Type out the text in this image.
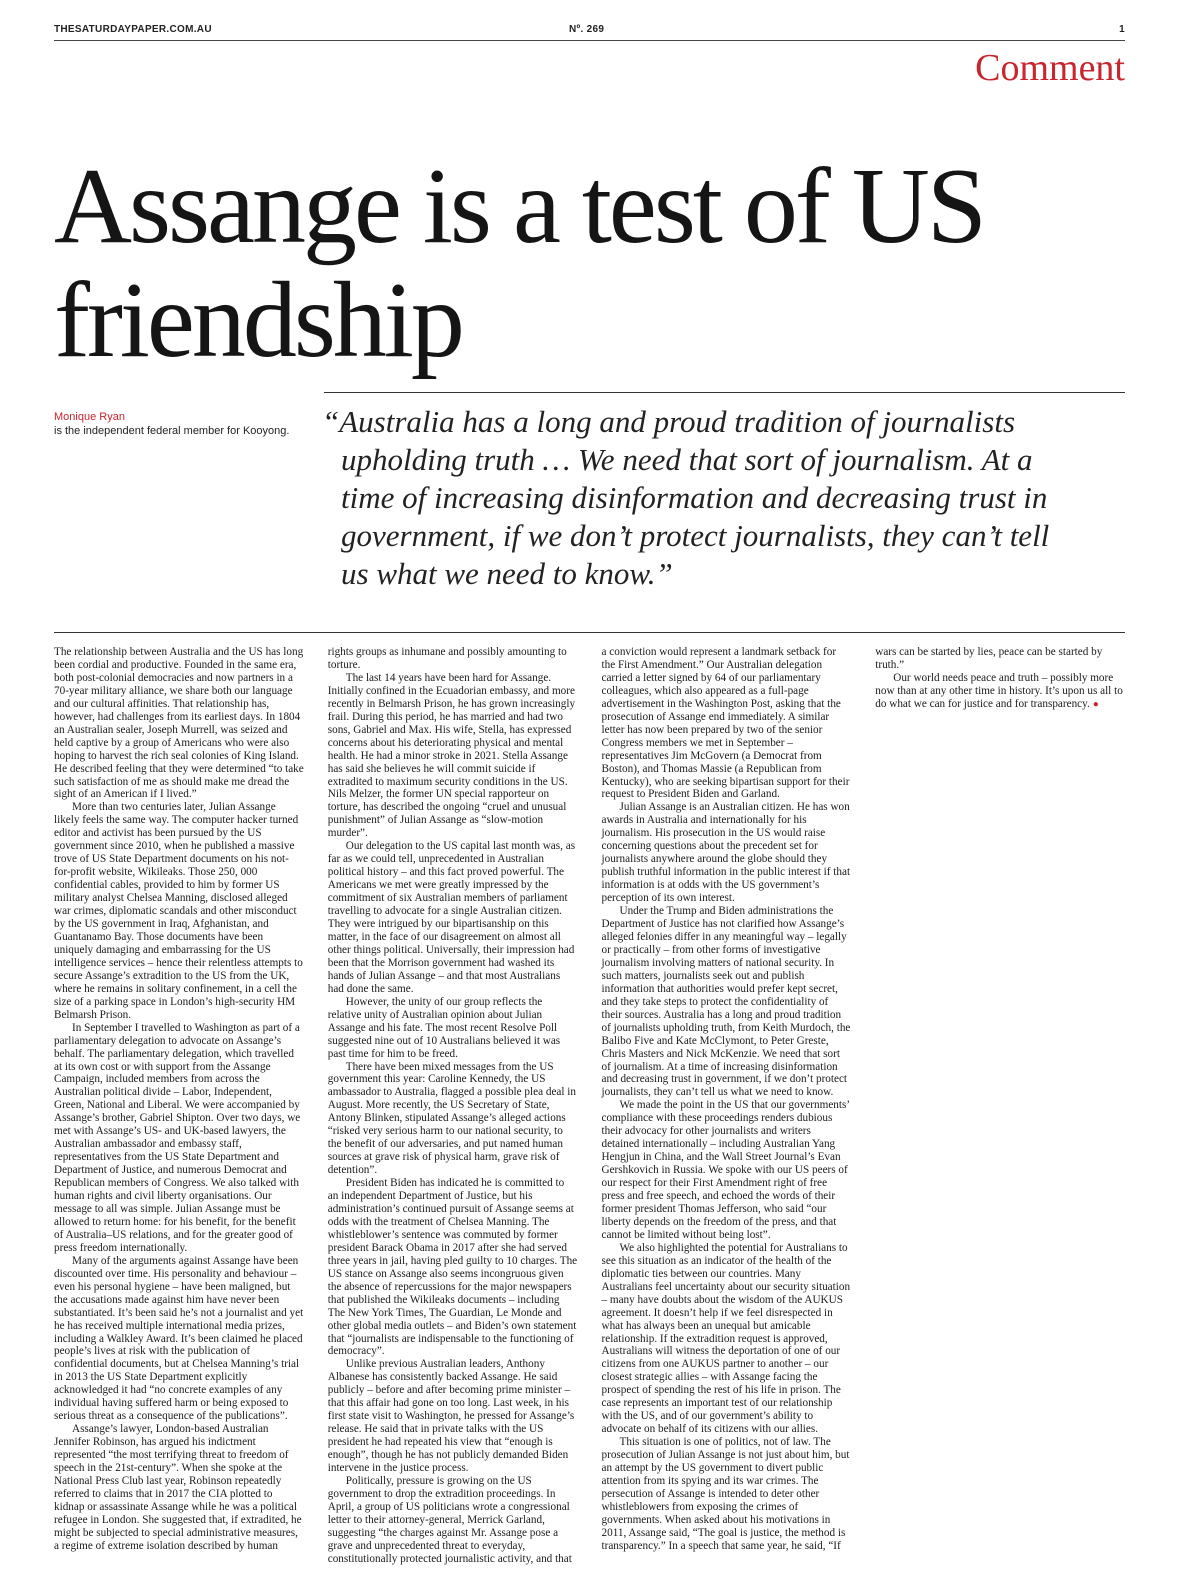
THESATURDAYPAPER.COM.AU	Nº. 269	1
Comment
Assange is a test of US friendship
Monique Ryan
is the independent federal member for Kooyong. “Australia has a long and proud tradition of journalists
upholding truth … We need that sort of journalism. At a
time of increasing disinformation and decreasing trust in
government, if we don’t protect journalists, they can’t tell
us what we need to know.”

The relationship between Australia and the US has long been cordial and productive. Founded in the same era, both post-colonial democracies and now partners in a 70-year military alliance, we share both our language and our cultural affinities. That relationship has, however, had challenges from its earliest days. In 1804 an Australian sealer, Joseph Murrell, was seized and held captive by a group of Americans who were also hoping to harvest the rich seal colonies of King Island. He described feeling that they were determined “to take such satisfaction of me as should make me dread the sight of an American if I lived.”

More than two centuries later, Julian Assange likely feels the same way. The computer hacker turned editor and activist has been pursued by the US government since 2010, when he published a massive trove of US State Department documents on his not-for-profit website, Wikileaks. Those 250, 000 confidential cables, provided to him by former US military analyst Chelsea Manning, disclosed alleged war crimes, diplomatic scandals and other misconduct by the US government in Iraq, Afghanistan, and Guantanamo Bay. Those documents have been uniquely damaging and embarrassing for the US intelligence services – hence their relentless attempts to secure Assange’s extradition to the US from the UK, where he remains in solitary confinement, in a cell the size of a parking space in London’s high-security HM Belmarsh Prison.

In September I travelled to Washington as part of a parliamentary delegation to advocate on Assange’s behalf. The parliamentary delegation, which travelled at its own cost or with support from the Assange Campaign, included members from across the Australian political divide – Labor, Independent, Green, National and Liberal. We were accompanied by Assange’s brother, Gabriel Shipton. Over two days, we met with Assange’s US- and UK-based lawyers, the Australian ambassador and embassy staff, representatives from the US State Department and Department of Justice, and numerous Democrat and Republican members of Congress. We also talked with human rights and civil liberty organisations. Our message to all was simple. Julian Assange must be allowed to return home: for his benefit, for the benefit of Australia–US relations, and for the greater good of press freedom internationally.

Many of the arguments against Assange have been discounted over time. His personality and behaviour – even his personal hygiene – have been maligned, but the accusations made against him have never been substantiated. It’s been said he’s not a journalist and yet he has received multiple international media prizes, including a Walkley Award. It’s been claimed he placed people’s lives at risk with the publication of confidential documents, but at Chelsea Manning’s trial in 2013 the US State Department explicitly acknowledged it had “no concrete examples of any individual having suffered harm or being exposed to serious threat as a consequence of the publications”.

Assange’s lawyer, London-based Australian Jennifer Robinson, has argued his indictment represented “the most terrifying threat to freedom of speech in the 21st-century”. When she spoke at the National Press Club last year, Robinson repeatedly referred to claims that in 2017 the CIA plotted to kidnap or assassinate Assange while he was a political refugee in London. She suggested that, if extradited, he might be subjected to special administrative measures, a regime of extreme isolation described by human rights groups as inhumane and possibly amounting to torture.

The last 14 years have been hard for Assange. Initially confined in the Ecuadorian embassy, and more recently in Belmarsh Prison, he has grown increasingly frail. During this period, he has married and had two sons, Gabriel and Max. His wife, Stella, has expressed concerns about his deteriorating physical and mental health. He had a minor stroke in 2021. Stella Assange has said she believes he will commit suicide if extradited to maximum security conditions in the US. Nils Melzer, the former UN special rapporteur on torture, has described the ongoing “cruel and unusual punishment” of Julian Assange as “slow-motion murder”.

Our delegation to the US capital last month was, as far as we could tell, unprecedented in Australian political history – and this fact proved powerful. The Americans we met were greatly impressed by the commitment of six Australian members of parliament travelling to advocate for a single Australian citizen. They were intrigued by our bipartisanship on this matter, in the face of our disagreement on almost all other things political. Universally, their impression had been that the Morrison government had washed its hands of Julian Assange – and that most Australians had done the same.

However, the unity of our group reflects the relative unity of Australian opinion about Julian Assange and his fate. The most recent Resolve Poll suggested nine out of 10 Australians believed it was past time for him to be freed.

There have been mixed messages from the US government this year: Caroline Kennedy, the US ambassador to Australia, flagged a possible plea deal in August. More recently, the US Secretary of State, Antony Blinken, stipulated Assange’s alleged actions “risked very serious harm to our national security, to the benefit of our adversaries, and put named human sources at grave risk of physical harm, grave risk of detention”.

President Biden has indicated he is committed to an independent Department of Justice, but his administration’s continued pursuit of Assange seems at odds with the treatment of Chelsea Manning. The whistleblower’s sentence was commuted by former president Barack Obama in 2017 after she had served three years in jail, having pled guilty to 10 charges. The US stance on Assange also seems incongruous given the absence of repercussions for the major newspapers that published the Wikileaks documents – including The New York Times, The Guardian, Le Monde and other global media outlets – and Biden’s own statement that “journalists are indispensable to the functioning of democracy”.

Unlike previous Australian leaders, Anthony Albanese has consistently backed Assange. He said publicly – before and after becoming prime minister – that this affair had gone on too long. Last week, in his first state visit to Washington, he pressed for Assange’s release. He said that in private talks with the US president he had repeated his view that “enough is enough”, though he has not publicly demanded Biden intervene in the justice process.

Politically, pressure is growing on the US government to drop the extradition proceedings. In April, a group of US politicians wrote a congressional letter to their attorney-general, Merrick Garland, suggesting “the charges against Mr. Assange pose a grave and unprecedented threat to everyday, constitutionally protected journalistic activity, and that a conviction would represent a landmark setback for the First Amendment.” Our Australian delegation carried a letter signed by 64 of our parliamentary colleagues, which also appeared as a full-page advertisement in the Washington Post, asking that the prosecution of Assange end immediately. A similar letter has now been prepared by two of the senior Congress members we met in September – representatives Jim McGovern (a Democrat from Boston), and Thomas Massie (a Republican from Kentucky), who are seeking bipartisan support for their request to President Biden and Garland.

Julian Assange is an Australian citizen. He has won awards in Australia and internationally for his journalism. His prosecution in the US would raise concerning questions about the precedent set for journalists anywhere around the globe should they publish truthful information in the public interest if that information is at odds with the US government’s perception of its own interest.

Under the Trump and Biden administrations the Department of Justice has not clarified how Assange’s alleged felonies differ in any meaningful way – legally or practically – from other forms of investigative journalism involving matters of national security. In such matters, journalists seek out and publish information that authorities would prefer kept secret, and they take steps to protect the confidentiality of their sources. Australia has a long and proud tradition of journalists upholding truth, from Keith Murdoch, the Balibo Five and Kate McClymont, to Peter Greste, Chris Masters and Nick McKenzie. We need that sort of journalism. At a time of increasing disinformation and decreasing trust in government, if we don’t protect journalists, they can’t tell us what we need to know.

We made the point in the US that our governments’ compliance with these proceedings renders dubious their advocacy for other journalists and writers detained internationally – including Australian Yang Hengjun in China, and the Wall Street Journal’s Evan Gershkovich in Russia. We spoke with our US peers of our respect for their First Amendment right of free press and free speech, and echoed the words of their former president Thomas Jefferson, who said “our liberty depends on the freedom of the press, and that cannot be limited without being lost”.

We also highlighted the potential for Australians to see this situation as an indicator of the health of the diplomatic ties between our countries. Many Australians feel uncertainty about our security situation – many have doubts about the wisdom of the AUKUS agreement. It doesn’t help if we feel disrespected in what has always been an unequal but amicable relationship. If the extradition request is approved, Australians will witness the deportation of one of our citizens from one AUKUS partner to another – our closest strategic allies – with Assange facing the prospect of spending the rest of his life in prison. The case represents an important test of our relationship with the US, and of our government’s ability to advocate on behalf of its citizens with our allies.

This situation is one of politics, not of law. The prosecution of Julian Assange is not just about him, but an attempt by the US government to divert public attention from its spying and its war crimes. The persecution of Assange is intended to deter other whistleblowers from exposing the crimes of governments. When asked about his motivations in 2011, Assange said, “The goal is justice, the method is transparency.” In a speech that same year, he said, “If wars can be started by lies, peace can be started by truth.”

Our world needs peace and truth – possibly more now than at any other time in history. It’s upon us all to do what we can for justice and for transparency. ●
